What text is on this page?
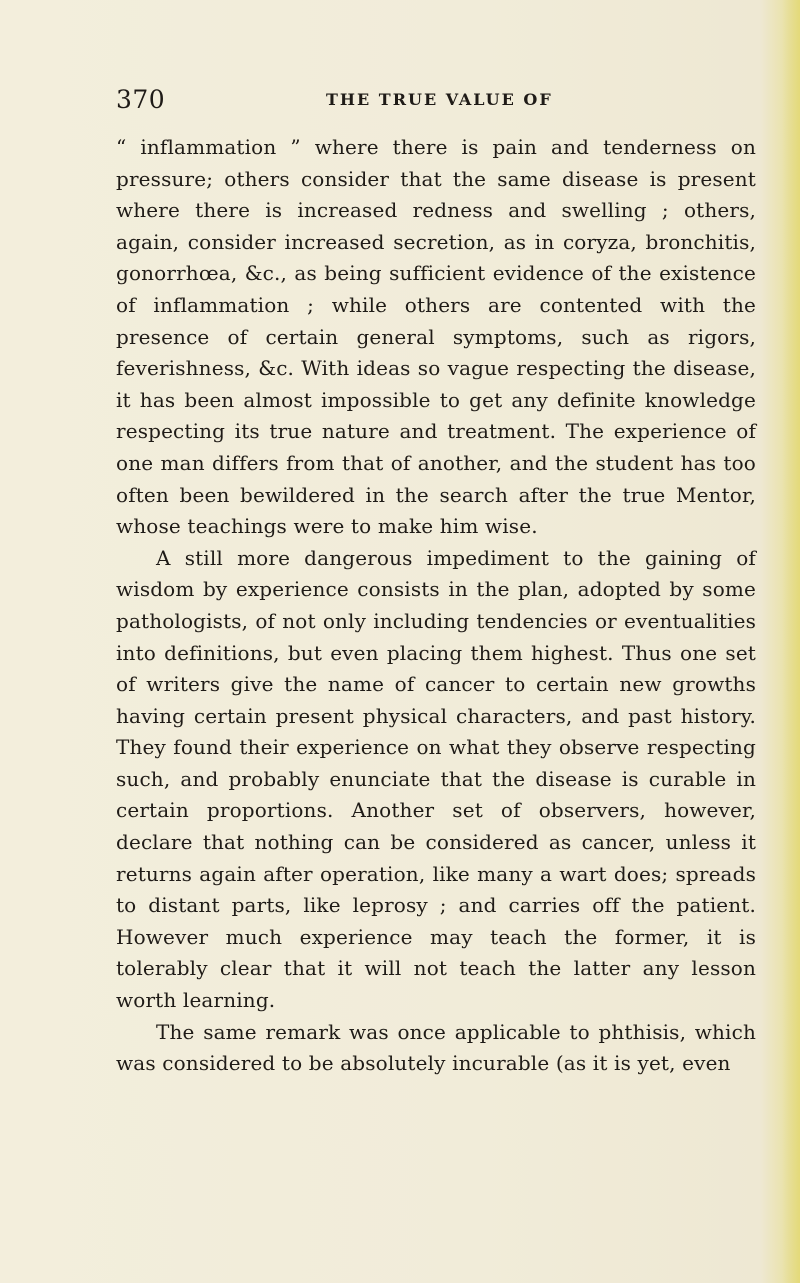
370	THE TRUE VALUE OF

“ inflammation ” where there is pain and tenderness on pressure; others consider that the same disease is present where there is increased redness and swelling ; others, again, consider increased secretion, as in coryza, bronchitis, gonorrhœa, &c., as being sufficient evidence of the existence of inflammation ; while others are contented with the presence of certain general symptoms, such as rigors, feverishness, &c. With ideas so vague respecting the disease, it has been almost impossible to get any definite knowledge respecting its true nature and treatment. The experience of one man differs from that of another, and the student has too often been bewildered in the search after the true Mentor, whose teachings were to make him wise.

A still more dangerous impediment to the gaining of wisdom by experience consists in the plan, adopted by some pathologists, of not only including tendencies or eventualities into definitions, but even placing them highest. Thus one set of writers give the name of cancer to certain new growths having certain present physical characters, and past history. They found their experience on what they observe respecting such, and probably enunciate that the disease is curable in certain proportions. Another set of observers, however, declare that nothing can be considered as cancer, unless it returns again after operation, like many a wart does; spreads to distant parts, like leprosy ; and carries off the patient. However much experience may teach the former, it is tolerably clear that it will not teach the latter any lesson worth learning.

The same remark was once applicable to phthisis, which was considered to be absolutely incurable (as it is yet, even
